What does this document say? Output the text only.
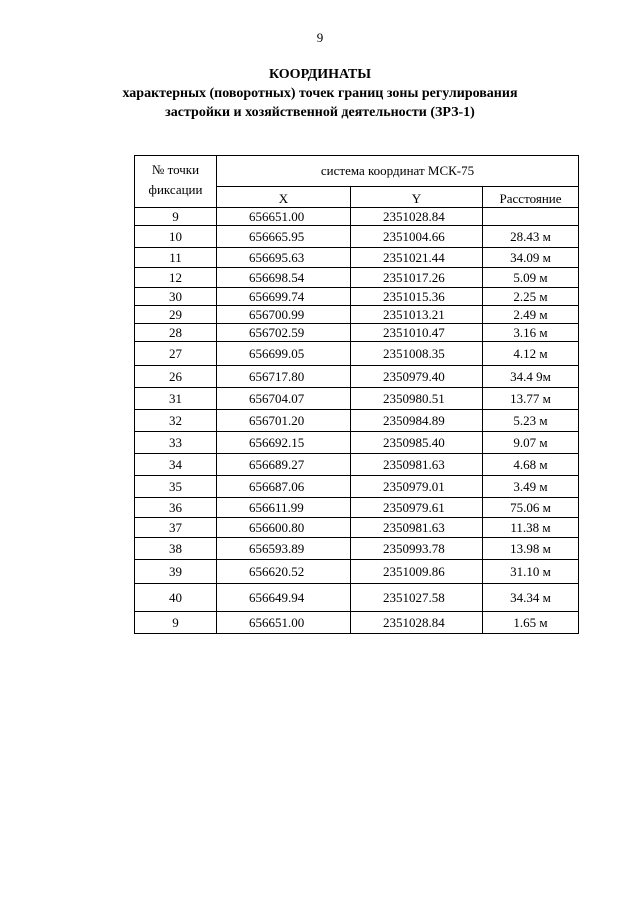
9
КООРДИНАТЫ
характерных (поворотных) точек границ зоны регулирования
застройки и хозяйственной деятельности (ЗРЗ-1)
№ точки фиксации	система координат МСК-75		
	X	Y	Расстояние
9	656651.00	2351028.84	
10	656665.95	2351004.66	28.43 м
11	656695.63	2351021.44	34.09 м
12	656698.54	2351017.26	5.09 м
30	656699.74	2351015.36	2.25 м
29	656700.99	2351013.21	2.49 м
28	656702.59	2351010.47	3.16 м
27	656699.05	2351008.35	4.12 м
26	656717.80	2350979.40	34.4 9м
31	656704.07	2350980.51	13.77 м
32	656701.20	2350984.89	5.23 м
33	656692.15	2350985.40	9.07 м
34	656689.27	2350981.63	4.68 м
35	656687.06	2350979.01	3.49 м
36	656611.99	2350979.61	75.06 м
37	656600.80	2350981.63	11.38 м
38	656593.89	2350993.78	13.98 м
39	656620.52	2351009.86	31.10 м
40	656649.94	2351027.58	34.34 м
9	656651.00	2351028.84	1.65 м
